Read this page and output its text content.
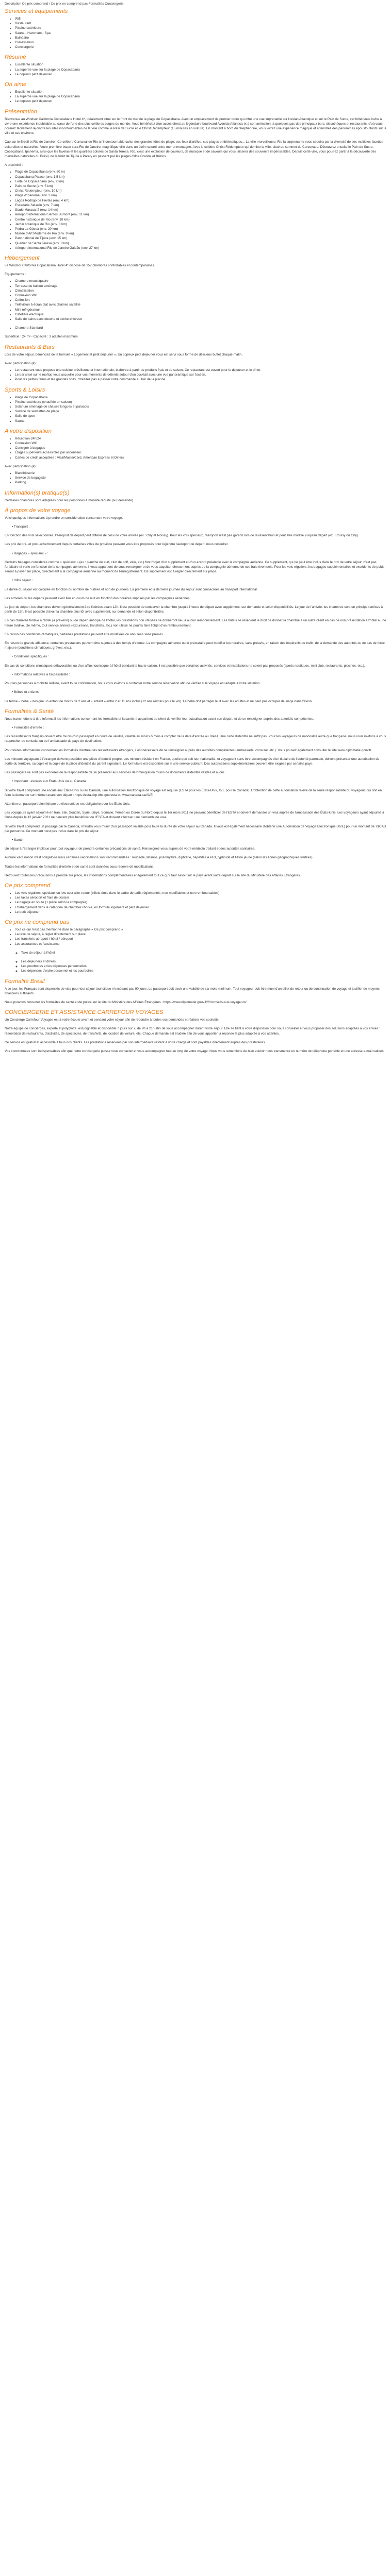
Description Ce prix comprend / Ce prix ne comprend pas Formalités Conciergerie

Services et équipements
• Wifi
• Restaurant
• Piscine extérieure
• Sauna - Hammam - Spa
• Balnéaire
• Climatisation
• Conciergerie
Résumé
• Excellente situation
• La superbe vue sur la plage de Copacabana
• Le copieux petit déjeuner
On aime
• Excellente situation
• La superbe vue sur la plage de Copacabana
• Le copieux petit déjeuner
Présentation

Bienvenue au Windsor California Copacabana Hotel 4*, idéalement situé sur le front de mer de la plage de Copacabana. Avec un emplacement de premier ordre qui offre une vue imprenable sur l'océan Atlantique et sur le Pain de Sucre, cet hôtel vous invite à vivre une expérience inoubliable au cœur de l'une des plus célèbres plages du monde. Vous bénéficiez d'un accès direct au légendaire boulevard Avenida Atlântica et à son animation, à quelques pas des principaux bars, discothèques et restaurants, d'où vous pourrez facilement rejoindre les sites incontournables de la ville comme le Pain de Sucre et le Christ Rédempteur (15 minutes en voiture). En montant à bord du téléphérique, vous vivrez une expérience magique et atteindrez des panoramas époustouflants sur la ville et ses environs.

Cap sur le Brésil et Rio de Janeiro ! Ce célèbre Carnaval de Rio à l'incontournable culte, des grandes fêtes de plage, ses feux d'artifice, ses plages emblématiques... La ville merveilleuse, Rio la surprenante vous séduira par la diversité de ses multiples facettes culturelles et naturelles. Votre première étape sera Rio de Janeiro, magnifique ville dans un écrin naturel entre mer et montagne. Avec le célèbre Christ Rédempteur qui domine la ville, situé au sommet du Corcovado. Découvrez ensuite le Pain de Sucre, Copacabana, Ipanema, ainsi que les favelas et les quartiers colorés de Santa Teresa. Rio, c'est une explosion de couleurs, de musique et de saveurs qui vous laissera des souvenirs impérissables. Depuis cette ville, vous pourrez partir à la découverte des merveilles naturelles du Brésil, de la forêt de Tijuca à Paraty en passant par les plages d'Ilha Grande et Búzios.

A proximité :

• Plage de Copacabana (env. 50 m)
• Copacabana Palace (env. 1,5 km)
• Forte de Copacabana (env. 2 km)
• Pain de Sucre (env. 5 km)
• Christ Rédempteur (env. 10 km)
• Plage d'Ipanema (env. 3 km)
• Lagoa Rodrigo de Freitas (env. 4 km)
• Escadaria Selarón (env. 7 km)
• Stade Maracanã (env. 14 km)
• Aéroport international Santos Dumont (env. 11 km)
• Centre historique de Rio (env. 10 km)
• Jardin botanique de Rio (env. 8 km)
• Pedra da Gávea (env. 20 km)
• Musée d'Art Moderne de Rio (env. 9 km)
• Parc national de Tijuca (env. 15 km)
• Quartier de Santa Teresa (env. 8 km)
• Aéroport international Rio de Janeiro Galeão (env. 27 km)
Hébergement

Le Windsor California Copacabana Hotel 4* dispose de 157 chambres confortables et contemporaines.

Équipements :

• Chambre moustiquaire
• Terrasse ou balcon aménagé
• Climatisation
• Connexion Wifi
• Coffre-fort
• Télévision à écran plat avec chaînes satellite
• Mini réfrigérateur
• Cafetière électrique
• Salle de bains avec douche et sèche-cheveux
• Chambre Standard

Superficie : 24 m² - Capacité : 3 adultes maximum

Restaurants & Bars

Lors de votre séjour, bénéficiez de la formule « Logement et petit déjeuner ». Un copieux petit déjeuner vous est servi sous forme de délicieux buffet chaque matin.

Avec participation (€) :

• Le restaurant vous propose une cuisine brésilienne et internationale, élaborée à partir de produits frais et de saison. Ce restaurant est ouvert pour le déjeuner et le dîner.
• Le bar situé sur le rooftop vous accueille pour vos moments de détente autour d'un cocktail avec une vue panoramique sur l'océan.
• Pour les petites faims et les grandes soifs, n'hésitez pas à passer votre commande au bar de la piscine.
Sports & Loisirs
• Plage de Copacabana
• Piscine extérieure (chauffée en saison)
• Solarium aménagé de chaises longues et parasols
• Service de serviettes de plage
• Salle de sport
• Sauna
A votre disposition
• Réception 24h/24
• Connexion Wifi
• Consigne à bagages
• Étages supérieurs accessibles par ascenseur
• Cartes de crédit acceptées : Visa/MasterCard, American Express et Diners

Avec participation (€) :

• Blanchisserie
• Service de bagagiste
• Parking
Information(s) pratique(s)

Certaines chambres sont adaptées pour les personnes à mobilité réduite (sur demande).

À propos de votre voyage

Voici quelques informations à prendre en considération concernant votre voyage.

• Transport :

En fonction des vols sélectionnés, l'aéroport de départ peut différer de celui de votre arrivée (ex : Orly et Roissy). Pour les vols spéciaux, l'aéroport n'est pas garanti lors de la réservation et peut être modifié jusqu'au départ (ex : Roissy ou Orly).

Les prix de pré- et post-acheminement depuis certaines villes de province peuvent vous être proposés pour rejoindre l'aéroport de départ, nous consulter.

• Bagages « spéciaux » :

Certains bagages considérés comme « spéciaux » (ex : planche de surf, club de golf, vélo, etc.) font l'objet d'un supplément et d'un accord préalable avec la compagnie aérienne. Ce supplément, qui ne peut être inclus dans le prix de votre séjour, n'est pas forfaitaire et varie en fonction de la compagnie aérienne. Il vous appartient de vous renseigner et de vous acquitter directement auprès de la compagnie aérienne de ces frais éventuels. Pour les vols réguliers, les bagages supplémentaires et excédents de poids seront à payer sur place, directement à la compagnie aérienne au moment de l'enregistrement. Ce supplément est à régler directement sur place.

• Infos séjour :

La durée du séjour est calculée en fonction du nombre de nuitées et non de journées. La première et la dernière journée du séjour sont consacrées au transport international.

Les arrivées ou les départs peuvent avoir lieu en cours de nuit en fonction des horaires imposés par les compagnies aériennes.

Le jour du départ, les chambres doivent généralement être libérées avant 12h. Il est possible de conserver la chambre jusqu'à l'heure de départ avec supplément, sur demande et selon disponibilités. Le jour de l'arrivée, les chambres sont en principe remises à partir de 15h. Il est possible d'avoir la chambre plus tôt avec supplément, sur demande et selon disponibilités.

En cas d'arrivée tardive à l'hôtel (à prévenir) ou de départ anticipé de l'hôtel, les prestations non utilisées ne donneront lieu à aucun remboursement. Les hôtels se réservent le droit de donner la chambre à un autre client en cas de non présentation à l'hôtel à une heure tardive. De même, tout service annexe (excursions, transferts, etc.) non utilisé ne pourra faire l'objet d'un remboursement.

En raison des conditions climatiques, certaines prestations peuvent être modifiées ou annulées sans préavis.

En raison de grande affluence, certaines prestations peuvent être sujettes à des temps d'attente. La compagnie aérienne ou le prestataire peut modifier les horaires, sans préavis, en raison des impératifs de trafic, de la demande des autorités ou de cas de force majeure (conditions climatiques, grèves, etc.).

• Conditions spécifiques :

En cas de conditions climatiques défavorables ou d'un afflux touristique à l'hôtel pendant la haute saison, il est possible que certaines activités, services et installations ne soient pas proposés (sports nautiques, mini club, restaurants, piscines, etc.).

• Informations relatives à l'accessibilité :

Pour les personnes à mobilité réduite, avant toute confirmation, nous vous invitons à contacter notre service réservation afin de vérifier si le voyage est adapté à votre situation.

• Bébés et enfants :

Le terme « bébé » désigne un enfant de moins de 2 ans et « enfant » entre 2 et 11 ans inclus (12 ans révolus pour le vol). Le bébé doit partager le lit avec les adultes et ne peut pas occuper de siège dans l'avion.

Formalités & Santé

Nous transmettons à titre informatif les informations concernant les formalités et la santé. Il appartient au client de vérifier leur actualisation avant son départ, et de se renseigner auprès des autorités compétentes.

• Formalités d'entrée :

Les ressortissants français doivent être munis d'un passeport en cours de validité, valable au moins 6 mois à compter de la date d'entrée au Brésil. Une carte d'identité ne suffit pas. Pour les voyageurs de nationalité autre que française, nous vous invitons à vous rapprocher du consulat ou de l'ambassade du pays de destination.

Pour toutes informations concernant les formalités d'entrée des ressortissants étrangers, il est nécessaire de se renseigner auprès des autorités compétentes (ambassade, consulat, etc.). Vous pouvez également consulter le site www.diplomatie.gouv.fr.

Les mineurs voyageant à l'étranger doivent posséder une pièce d'identité propre. Les mineurs résidant en France, quelle que soit leur nationalité, et voyageant sans être accompagnés d'un titulaire de l'autorité parentale, doivent présenter une autorisation de sortie du territoire, sa copie et la copie de la pièce d'identité du parent signataire. Le formulaire est disponible sur le site service-public.fr. Des autorisations supplémentaires peuvent être exigées par certains pays.

Les passagers ne sont pas exonérés de la responsabilité de se présenter aux services de l'immigration munis de documents d'identité valides et à jour.

• Important : escales aux Etats-Unis ou au Canada

Si votre trajet comprend une escale aux États-Unis ou au Canada, une autorisation électronique de voyage est requise (ESTA pour les États-Unis, AVE pour le Canada). L'obtention de cette autorisation relève de la seule responsabilité du voyageur, qui doit en faire la demande sur internet avant son départ : https://esta.cbp.dhs.gov/esta ou www.canada.ca/AVE.

Attention un passeport biométrique ou électronique est obligatoire pour les États-Unis.

Les voyageurs ayant séjourné en Iran, Irak, Soudan, Syrie, Libye, Somalie, Yémen ou Corée du Nord depuis le 1er mars 2011 ne peuvent bénéficier de l'ESTA et doivent demander un visa auprès de l'ambassade des États-Unis. Les voyageurs ayant séjourné à Cuba depuis le 12 janvier 2021 ne peuvent plus bénéficier de l'ESTA et doivent effectuer une demande de visa.

Si votre trajet comprend un passage par le Canada, il faudra vous munir d'un passeport valable pour toute la durée de votre séjour au Canada. Il vous est également nécessaire d'obtenir une Autorisation de Voyage Electronique (AVE) pour un montant de 7$CAD par personne. Ce montant n'est pas inclus dans le prix du séjour.

• Santé :

Un séjour à l'étranger implique pour tout voyageur de prendre certaines précautions de santé. Renseignez-vous auprès de votre médecin traitant et des autorités sanitaires.

Aucune vaccination n'est obligatoire mais certaines vaccinations sont recommandées : rougeole, tétanos, poliomyélite, diphtérie, hépatites A et B, typhoïde et fièvre jaune (selon les zones géographiques visitées).

Toutes les informations de formalités d'entrée et de santé sont données sous réserve de modifications.

Retrouvez toutes les précautions à prendre sur place, les informations complémentaires et également tout ce qu'il faut savoir sur le pays avant votre départ sur le site du Ministère des Affaires Étrangères.

Ce prix comprend
• Les vols réguliers, spéciaux ou low-cost aller-retour (billets émis dans le cadre de tarifs réglementés, non modifiables et non remboursables)
• Les taxes aéroport et frais de dossier
• Le bagage en soute (1 pièce selon la compagnie)
• L'hébergement dans la catégorie de chambre choisie, en formule logement et petit déjeuner
• Le petit déjeuner
Ce prix ne comprend pas
• Tout ce qui n'est pas mentionné dans le paragraphe « Ce prix comprend »
• La taxe de séjour, à régler directement sur place
• Les transferts aéroport / hôtel / aéroport
• Les assurances et l'assistance
◦ Taxe de séjour à l'hôtel
◦ Les déjeuners et dîners
◦ Les pourboires et les dépenses personnelles
◦ Les dépenses d'ordre personnel et les pourboires
Formalité Brésil

A ce jour, les Français sont dispensés de visa pour tout séjour touristique n'excédant pas 90 jours. Le passeport doit avoir une validité de six mois minimum. Tout voyageur doit être muni d'un billet de retour ou de continuation de voyage et justifier de moyens financiers suffisants.

Nous pouvons consulter les formalités de santé et de police sur le site du Ministère des Affaires Étrangères : https://www.diplomatie.gouv.fr/fr/conseils-aux-voyageurs/

CONCIERGERIE ET ASSISTANCE CARREFOUR VOYAGES

Un Concierge Carrefour Voyages est à votre écoute avant et pendant votre séjour afin de répondre à toutes vos demandes et réaliser vos souhaits.

Notre équipe de concierges, experte et polyglotte, est joignable et disponible 7 jours sur 7, de 9h à 21h afin de vous accompagner durant votre séjour. Elle se tient à votre disposition pour vous conseiller et vous proposer des solutions adaptées à vos envies : réservation de restaurants, d'activités, de spectacles, de transferts, de location de voiture, etc. Chaque demande est étudiée afin de vous apporter la réponse la plus adaptée à vos attentes.

Ce service est gratuit et accessible à tous nos clients. Les prestations réservées par son intermédiaire restent à votre charge et sont payables directement auprès des prestataires.

Vos coordonnées sont indispensables afin que notre conciergerie puisse vous contacter et vous accompagner tout au long de votre voyage. Nous vous remercions de bien vouloir nous transmettre un numéro de téléphone portable et une adresse e-mail valides.
